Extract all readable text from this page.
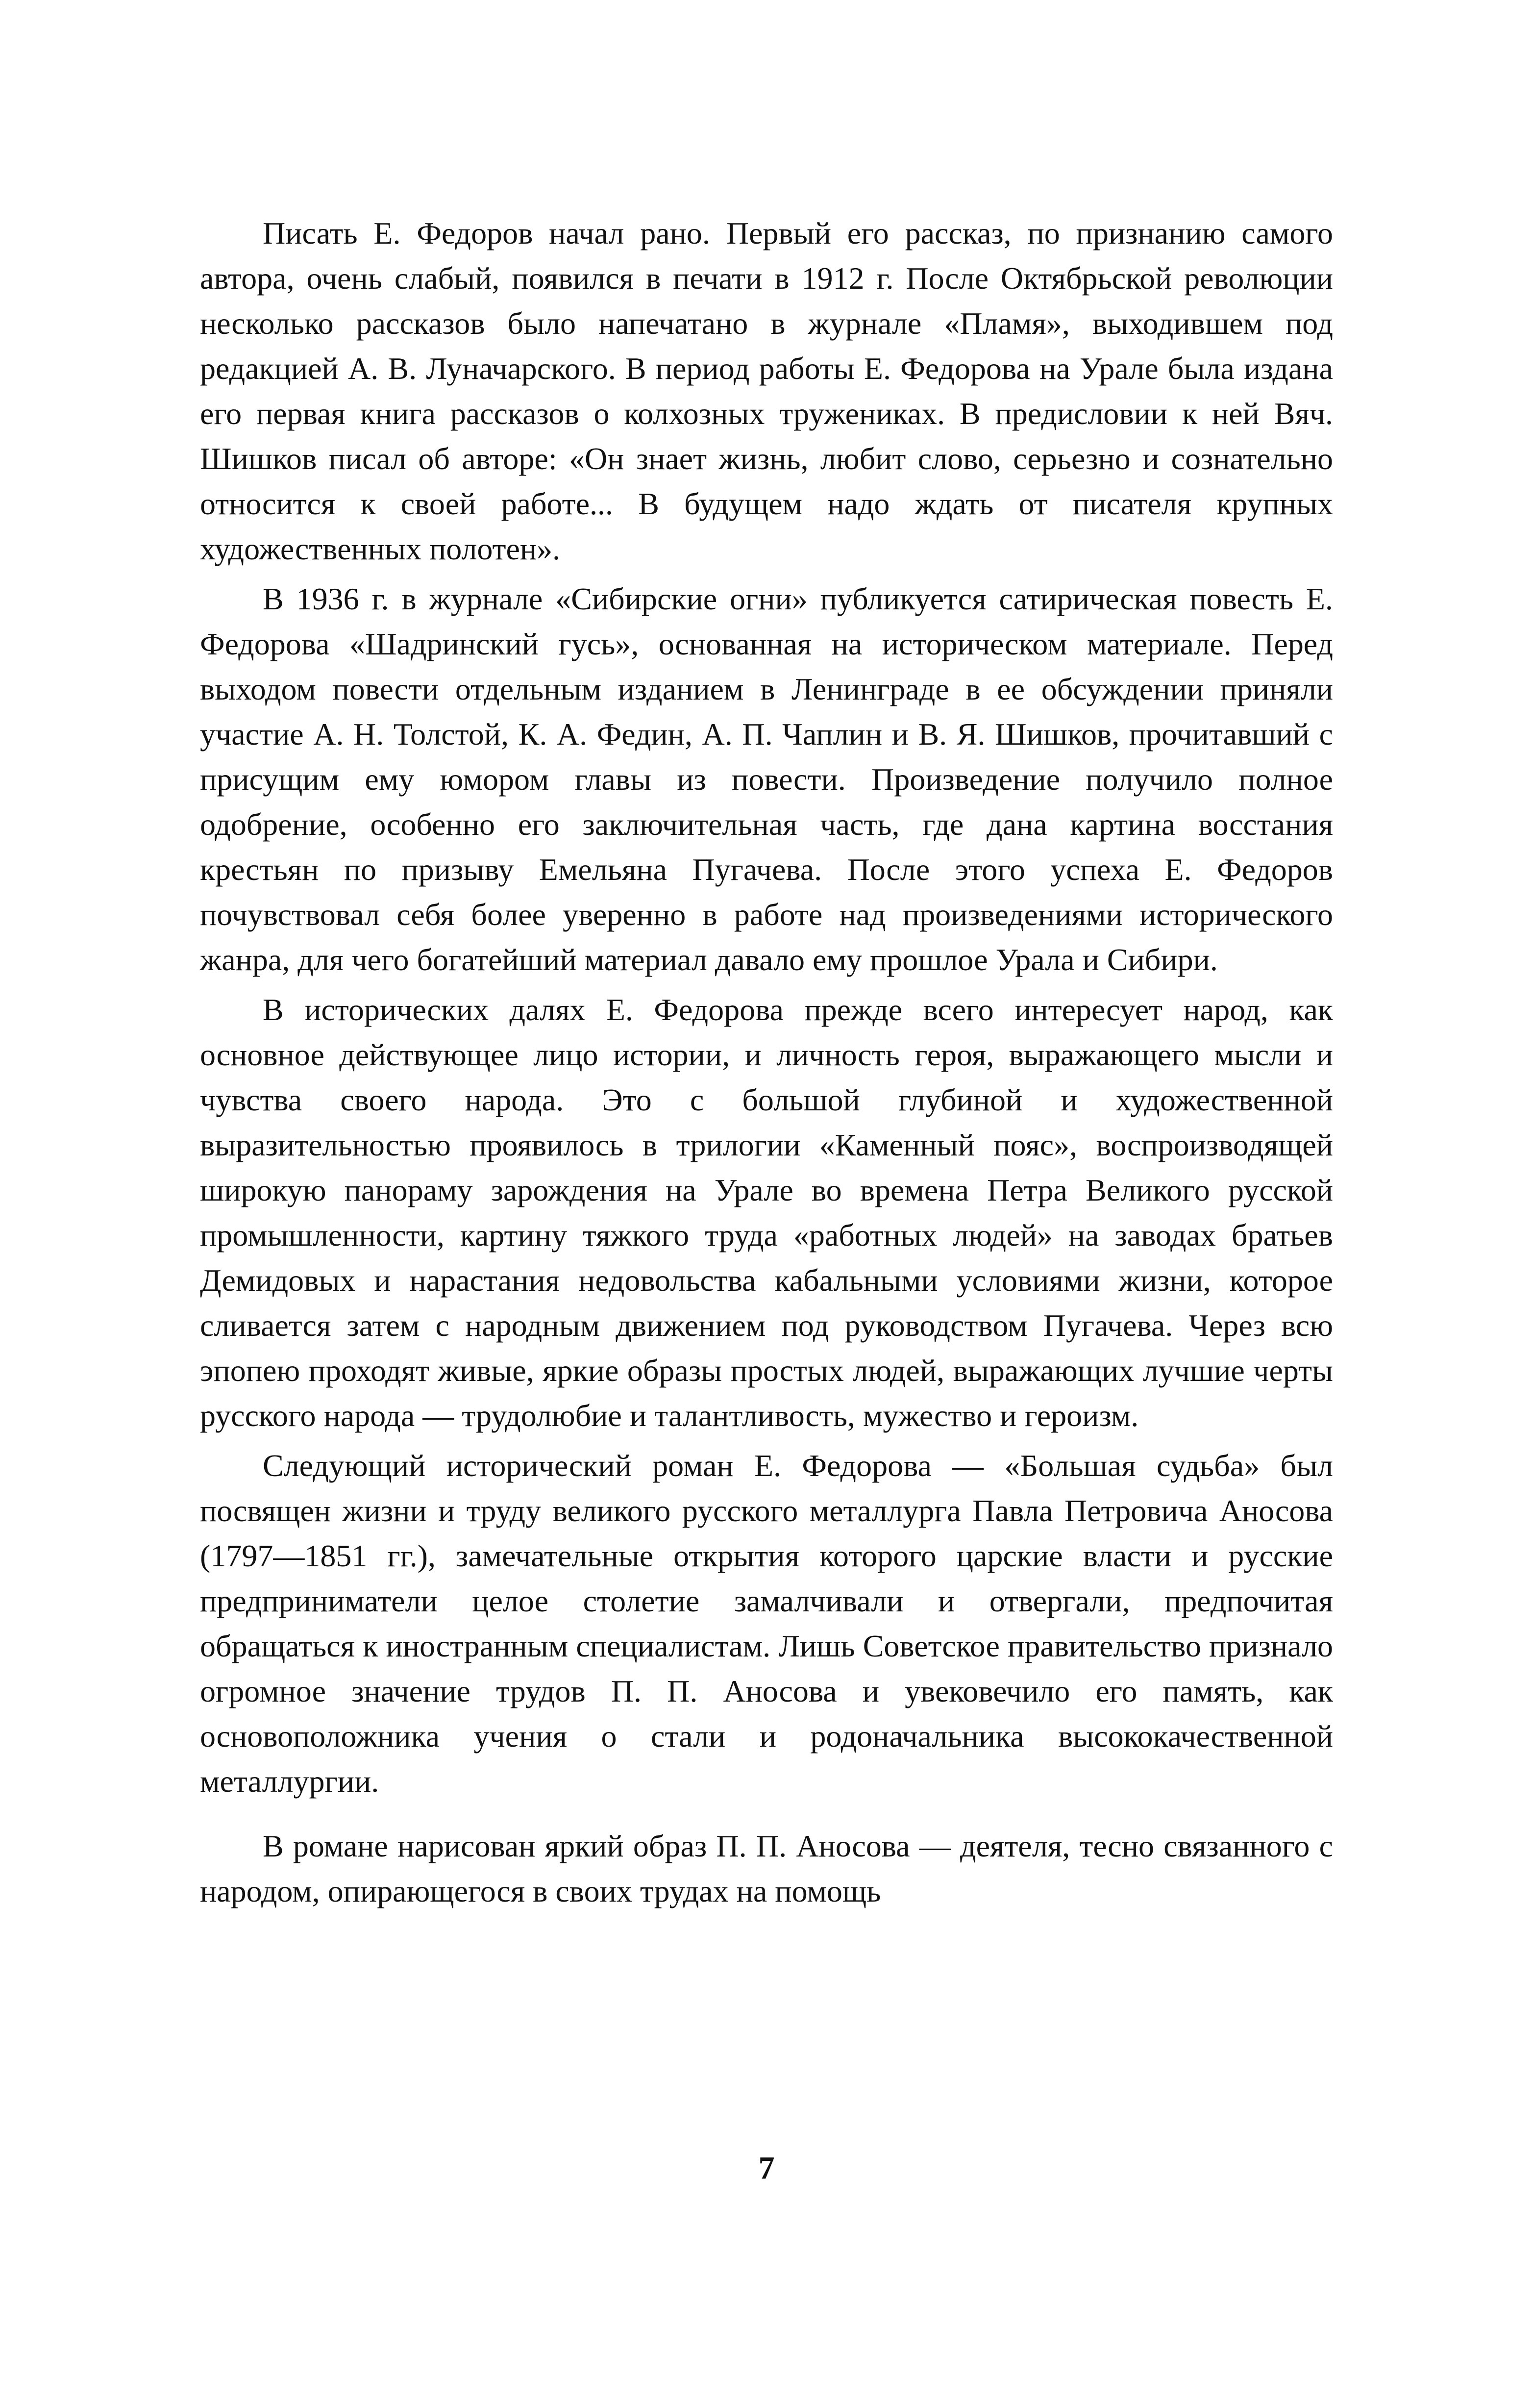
Писать Е. Федоров начал рано. Первый его рассказ, по признанию самого автора, очень слабый, появился в печати в 1912 г. После Октябрьской революции несколько рассказов было напечатано в журнале «Пламя», выходившем под редакцией А. В. Луначарского. В период работы Е. Федорова на Урале была издана его первая книга рассказов о колхозных тружениках. В предисловии к ней Вяч. Шишков писал об авторе: «Он знает жизнь, любит слово, серьезно и сознательно относится к своей работе... В будущем надо ждать от писателя крупных художественных полотен».

В 1936 г. в журнале «Сибирские огни» публикуется сатирическая повесть Е. Федорова «Шадринский гусь», основанная на историческом материале. Перед выходом повести отдельным изданием в Ленинграде в ее обсуждении приняли участие А. Н. Толстой, К. А. Федин, А. П. Чаплин и В. Я. Шишков, прочитавший с присущим ему юмором главы из повести. Произведение получило полное одобрение, особенно его заключительная часть, где дана картина восстания крестьян по призыву Емельяна Пугачева. После этого успеха Е. Федоров почувствовал себя более уверенно в работе над произведениями исторического жанра, для чего богатейший материал давало ему прошлое Урала и Сибири.

В исторических далях Е. Федорова прежде всего интересует народ, как основное действующее лицо истории, и личность героя, выражающего мысли и чувства своего народа. Это с большой глубиной и художественной выразительностью проявилось в трилогии «Каменный пояс», воспроизводящей широкую панораму зарождения на Урале во времена Петра Великого русской промышленности, картину тяжкого труда «работных людей» на заводах братьев Демидовых и нарастания недовольства кабальными условиями жизни, которое сливается затем с народным движением под руководством Пугачева. Через всю эпопею проходят живые, яркие образы простых людей, выражающих лучшие черты русского народа — трудолюбие и талантливость, мужество и героизм.

Следующий исторический роман Е. Федорова — «Большая судьба» был посвящен жизни и труду великого русского металлурга Павла Петровича Аносова (1797—1851 гг.), замечательные открытия которого царские власти и русские предприниматели целое столетие замалчивали и отвергали, предпочитая обращаться к иностранным специалистам. Лишь Советское правительство признало огромное значение трудов П. П. Аносова и увековечило его память, как основоположника учения о стали и родоначальника высококачественной металлургии.

В романе нарисован яркий образ П. П. Аносова — деятеля, тесно связанного с народом, опирающегося в своих трудах на помощь

7
